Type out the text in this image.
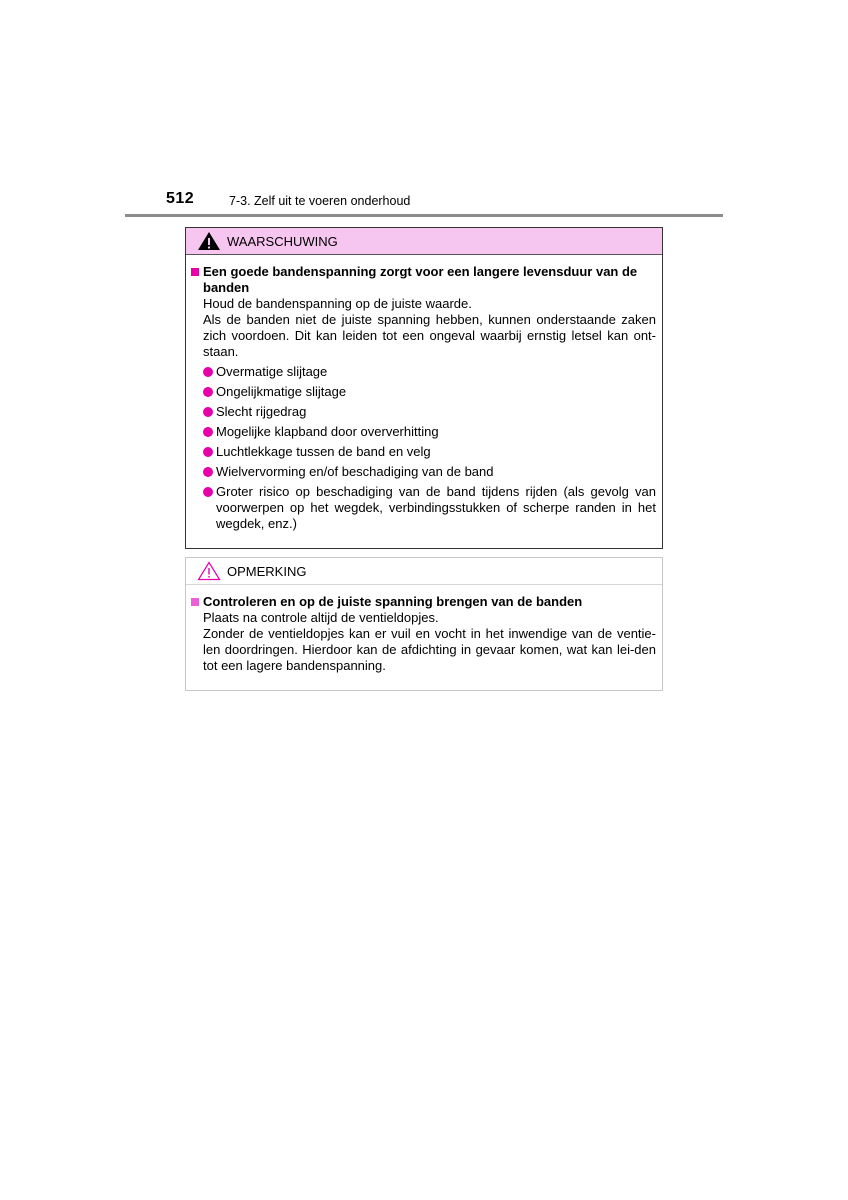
512	7-3. Zelf uit te voeren onderhoud
WAARSCHUWING
Een goede bandenspanning zorgt voor een langere levensduur van de banden
Houd de bandenspanning op de juiste waarde.
Als de banden niet de juiste spanning hebben, kunnen onderstaande zaken zich voordoen. Dit kan leiden tot een ongeval waarbij ernstig letsel kan ont-staan.
Overmatige slijtage
Ongelijkmatige slijtage
Slecht rijgedrag
Mogelijke klapband door oververhitting
Luchtlekkage tussen de band en velg
Wielvervorming en/of beschadiging van de band
Groter risico op beschadiging van de band tijdens rijden (als gevolg van voorwerpen op het wegdek, verbindingsstukken of scherpe randen in het wegdek, enz.)
OPMERKING
Controleren en op de juiste spanning brengen van de banden
Plaats na controle altijd de ventieldopjes.
Zonder de ventieldopjes kan er vuil en vocht in het inwendige van de ventie-len doordringen. Hierdoor kan de afdichting in gevaar komen, wat kan lei-den tot een lagere bandenspanning.
